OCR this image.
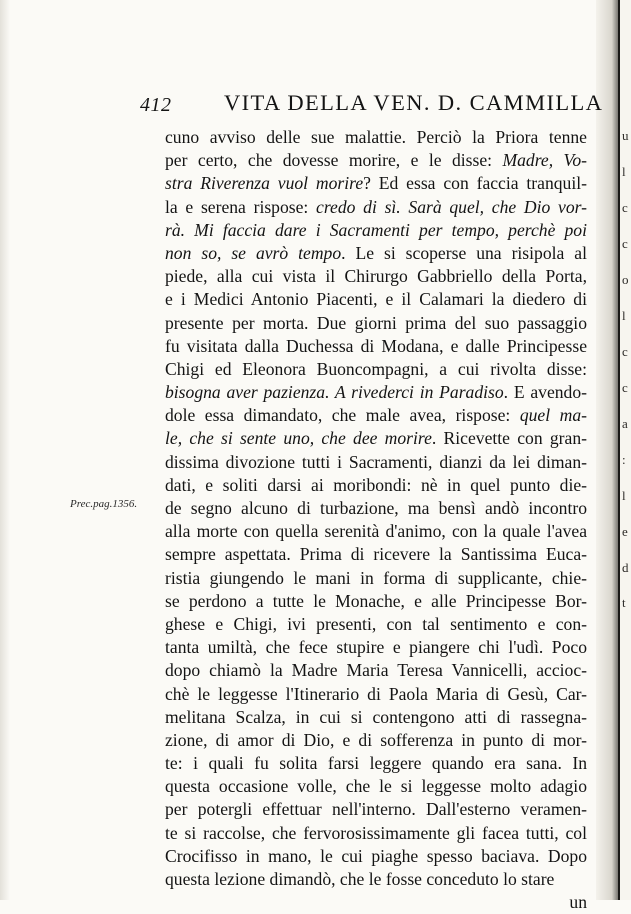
u
l
c
c
o
l
c
c
a
:
l
e
d
t
412 VITA DELLA VEN. D. CAMMILLA
Prec.pag.1356.
cuno avviso delle sue malattie. Perciò la Priora tenne
per certo, che dovesse morire, e le disse: Madre, Vo-
stra Riverenza vuol morire? Ed essa con faccia tranquil-
la e serena rispose: credo di sì. Sarà quel, che Dio vor-
rà. Mi faccia dare i Sacramenti per tempo, perchè poi
non so, se avrò tempo. Le si scoperse una risipola al
piede, alla cui vista il Chirurgo Gabbriello della Porta,
e i Medici Antonio Piacenti, e il Calamari la diedero di
presente per morta. Due giorni prima del suo passaggio
fu visitata dalla Duchessa di Modana, e dalle Principesse
Chigi ed Eleonora Buoncompagni, a cui rivolta disse:
bisogna aver pazienza. A rivederci in Paradiso. E avendo-
dole essa dimandato, che male avea, rispose: quel ma-
le, che si sente uno, che dee morire. Ricevette con gran-
dissima divozione tutti i Sacramenti, dianzi da lei diman-
dati, e soliti darsi ai moribondi: nè in quel punto die-
de segno alcuno di turbazione, ma bensì andò incontro
alla morte con quella serenità d'animo, con la quale l'avea
sempre aspettata. Prima di ricevere la Santissima Euca-
ristia giungendo le mani in forma di supplicante, chie-
se perdono a tutte le Monache, e alle Principesse Bor-
ghese e Chigi, ivi presenti, con tal sentimento e con-
tanta umiltà, che fece stupire e piangere chi l'udì. Poco
dopo chiamò la Madre Maria Teresa Vannicelli, accioc-
chè le leggesse l'Itinerario di Paola Maria di Gesù, Car-
melitana Scalza, in cui si contengono atti di rassegna-
zione, di amor di Dio, e di sofferenza in punto di mor-
te: i quali fu solita farsi leggere quando era sana. In
questa occasione volle, che le si leggesse molto adagio
per potergli effettuar nell'interno. Dall'esterno veramen-
te si raccolse, che fervorosissimamente gli facea tutti, col
Crocifisso in mano, le cui piaghe spesso baciava. Dopo
questa lezione dimandò, che le fosse conceduto lo stare
un
